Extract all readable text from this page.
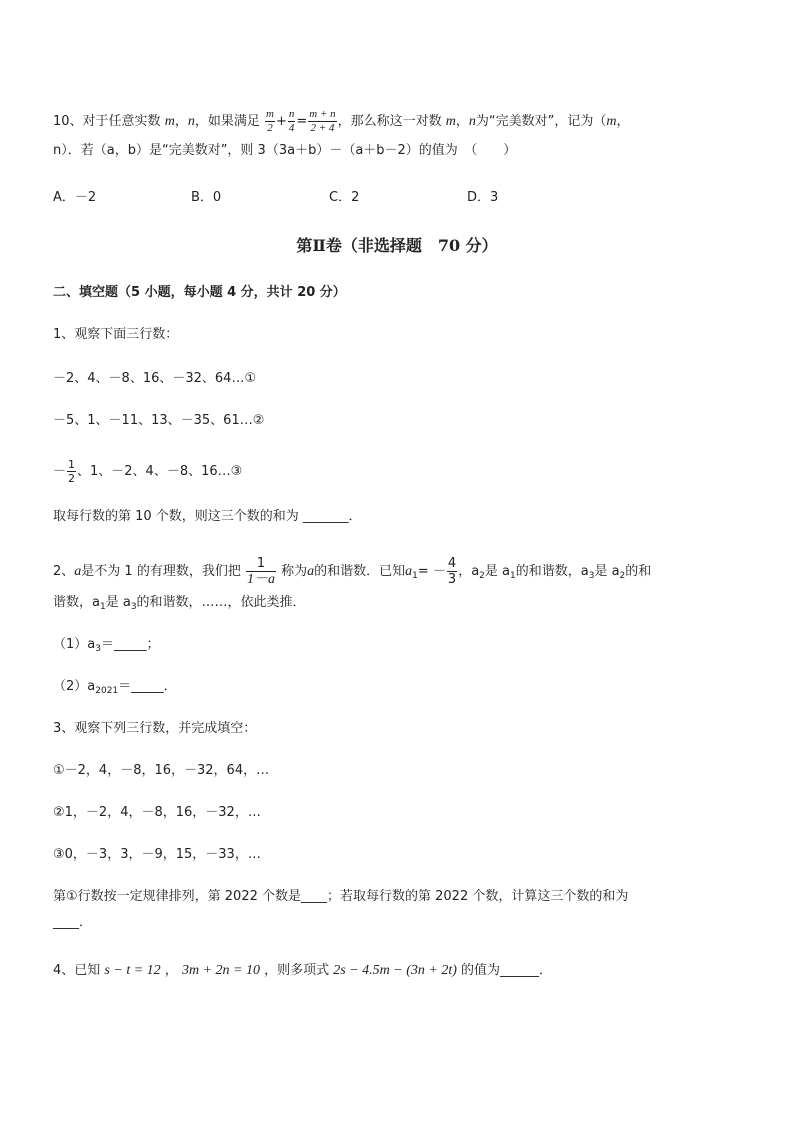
10、对于任意实数 m，n，如果满足 $\frac{m}{2} + \frac{n}{4} = \frac{m + n}{2 + 4}$ ，那么称这一对数 m，n为“完美数对”，记为（m，
n）．若（a，b）是“完美数对”，则 3（3a＋b）－（a＋b－2）的值为　（　　）
A．－2	B．0	C．2	D．3
第Ⅱ卷（非选择题　70 分）
二、填空题（5 小题，每小题 4 分，共计 20 分）
1、观察下面三行数：
－2、4、－8、16、－32、64…①
－5、1、－11、13、－35、61…②
－ $\frac{1}{2}$ 、1、－2、4、－8、16…③
取每行数的第 10 个数，则这三个数的和为 _______．
2、a是不为 1 的有理数，我们把 $\frac{1}{1-a}$ 称为a的和谐数．已知$a_1= - \frac{4}{3}$ ，$a_2$是 $a_1$的和谐数，$a_3$是 $a_2$的和
谐数，$a_1$是 $a_3$的和谐数，……，依此类推．
$(1)a_3=\_\_\_\_\_$；
$(2)a_{2021}=\_\_\_\_\_$．
3、观察下列三行数，并完成填空：
①－2，4，－8，16，－32，64，…
②1，－2，4，－8，16，－32，…
③0，－3，3，－9，15，－33，…
第①行数按一定规律排列，第 2022 个数是____；若取每行数的第 2022 个数，计算这三个数的和为
____．
4、已知 s − t = 12 ， 3m + 2n = 10 ，则多项式 2s − 4.5m − (3n + 2t) 的值为______．
